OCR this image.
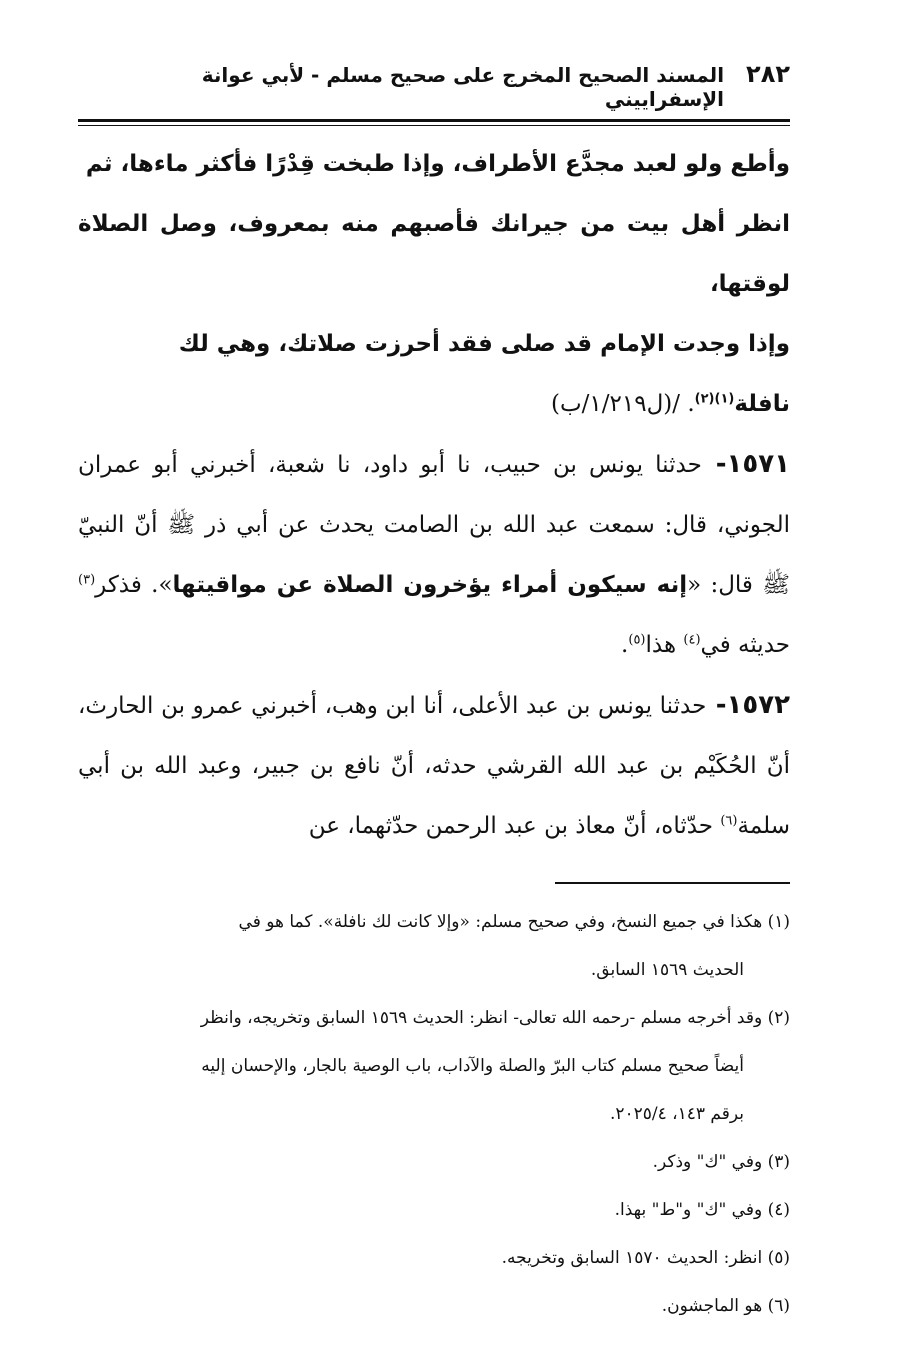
٢٨٢
المسند الصحيح المخرج على صحيح مسلم - لأبي عوانة الإسفراييني
وأطع ولو لعبد مجدَّع الأطراف، وإذا طبخت قِدْرًا فأكثر ماءها، ثم
انظر أهل بيت من جيرانك فأصبهم منه بمعروف، وصل الصلاة لوقتها،
وإذا وجدت الإمام قد صلى فقد أحرزت صلاتك، وهي لك
نافلة$^{(١)(٢)}$. /(ل١/٢١٩/ب)

١٥٧١- حدثنا يونس بن حبيب، نا أبو داود، نا شعبة، أخبرني أبو عمران الجوني، قال: سمعت عبد الله بن الصامت يحدث عن أبي ذر ﷺ أنّ النبيّ ﷺ قال: «إنه سيكون أمراء يؤخرون الصلاة عن مواقيتها». فذكر$^{(٣)}$ حديثه في$^{(٤)}$ هذا$^{(٥)}$.

١٥٧٢- حدثنا يونس بن عبد الأعلى، أنا ابن وهب، أخبرني عمرو بن الحارث، أنّ الحُكَيْم بن عبد الله القرشي حدثه، أنّ نافع بن جبير، وعبد الله بن أبي سلمة$^{(٦)}$ حدّثاه، أنّ معاذ بن عبد الرحمن حدّثهما، عن

(١) هكذا في جميع النسخ، وفي صحيح مسلم: «وإلا كانت لك نافلة». كما هو في

الحديث ١٥٦٩ السابق.

(٢) وقد أخرجه مسلم -رحمه الله تعالى- انظر: الحديث ١٥٦٩ السابق وتخريجه، وانظر

أيضاً صحيح مسلم كتاب البرّ والصلة والآداب، باب الوصية بالجار، والإحسان إليه

برقم ١٤٣، ٢٠٢٥/٤.

(٣) وفي "ك" وذكر.

(٤) وفي "ك" و"ط" بهذا.

(٥) انظر: الحديث ١٥٧٠ السابق وتخريجه.

(٦) هو الماجشون.
